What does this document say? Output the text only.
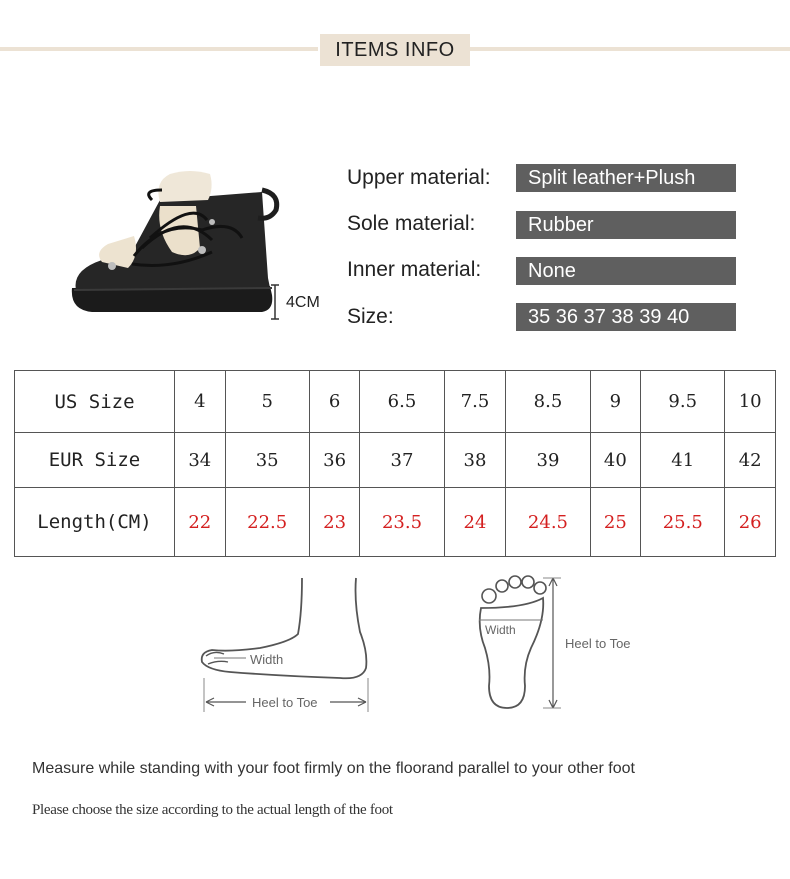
ITEMS INFO
4CM
Upper material:	Split leather+Plush
Sole material:	Rubber
Inner material:	None
Size:	35 36 37 38 39 40
US Size	4	5	6	6.5	7.5	8.5	9	9.5	10
EUR Size	34	35	36	37	38	39	40	41	42
Length(CM)	22	22.5	23	23.5	24	24.5	25	25.5	26
Width
Heel to Toe
Width
Heel to Toe
Measure while standing with your foot firmly on the floorand parallel to your other foot
Please choose the size according to the actual length of the foot
